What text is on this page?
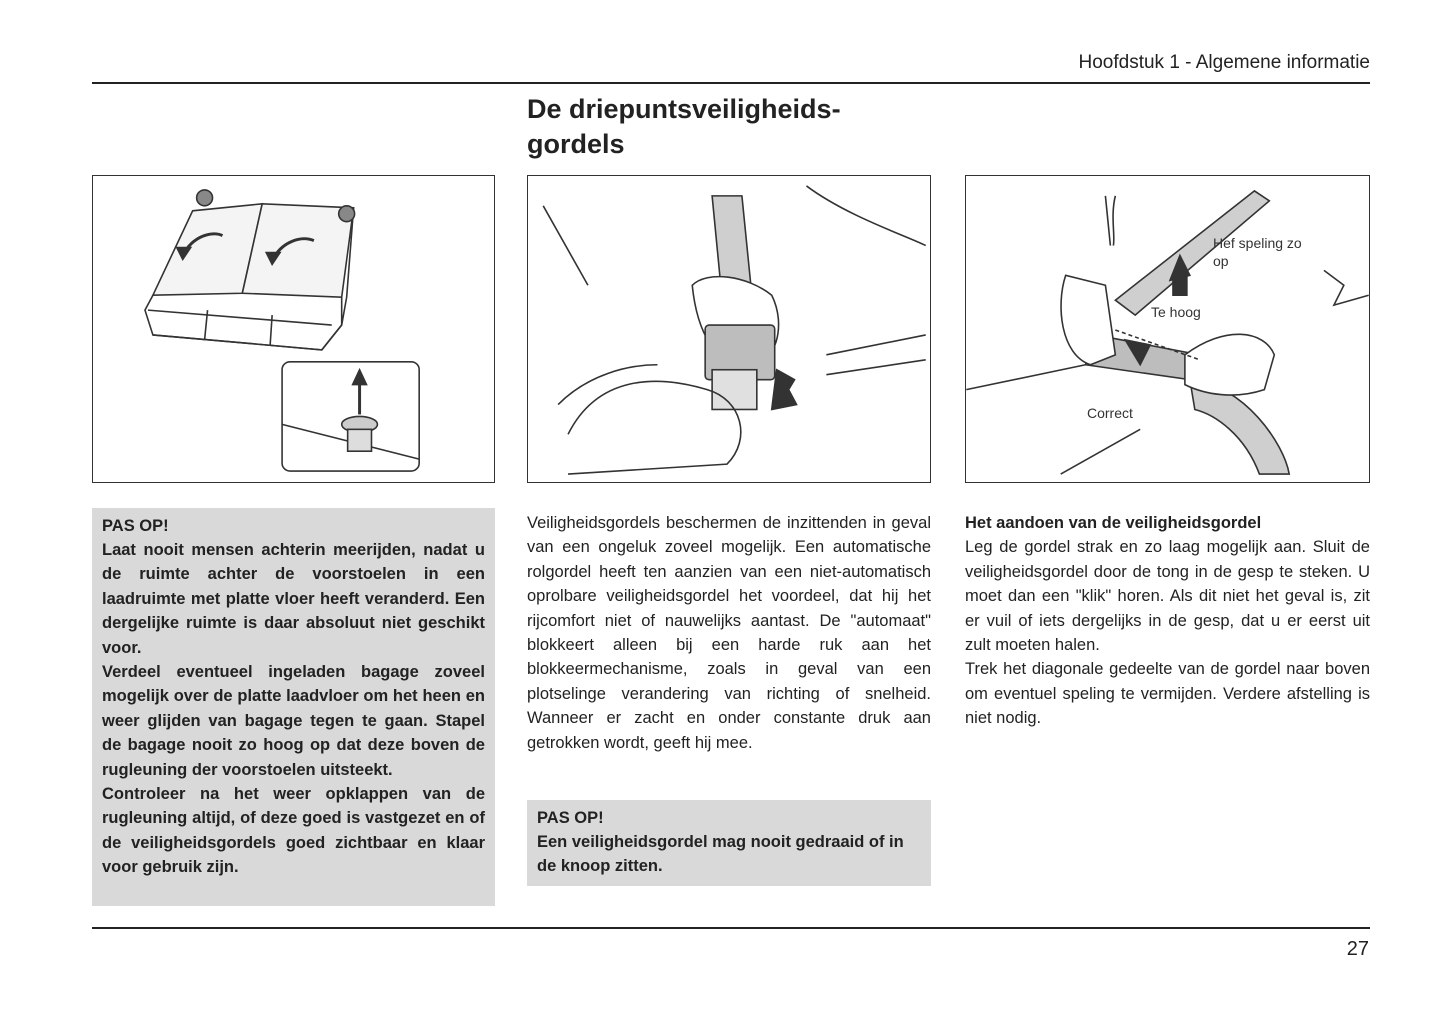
Hoofdstuk 1 - Algemene informatie
De driepuntsveiligheids-
gordels
Hef speling zo op
Te hoog
Correct
PAS OP!

Laat nooit mensen achterin meerijden, nadat u de ruimte achter de voorstoelen in een laadruimte met platte vloer heeft veranderd. Een dergelijke ruimte is daar absoluut niet geschikt voor.

Verdeel eventueel ingeladen bagage zoveel mogelijk over de platte laadvloer om het heen en weer glijden van bagage tegen te gaan. Stapel de bagage nooit zo hoog op dat deze boven de rugleuning der voorstoelen uitsteekt.

Controleer na het weer opklappen van de rugleuning altijd, of deze goed is vastgezet en of de veiligheidsgordels goed zichtbaar en klaar voor gebruik zijn.

Veiligheidsgordels beschermen de inzittenden in geval van een ongeluk zoveel mogelijk. Een automatische rolgordel heeft ten aanzien van een niet-automatisch oprolbare veiligheidsgordel het voordeel, dat hij het rijcomfort niet of nauwelijks aantast. De "automaat" blokkeert alleen bij een harde ruk aan het blokkeermechanisme, zoals in geval van een plotselinge verandering van richting of snelheid. Wanneer er zacht en onder constante druk aan getrokken wordt, geeft hij mee.

PAS OP!

Een veiligheidsgordel mag nooit gedraaid of in de knoop zitten.

Het aandoen van de veiligheidsgordel

Leg de gordel strak en zo laag mogelijk aan. Sluit de veiligheidsgordel door de tong in de gesp te steken. U moet dan een "klik" horen. Als dit niet het geval is, zit er vuil of iets dergelijks in de gesp, dat u er eerst uit zult moeten halen.

Trek het diagonale gedeelte van de gordel naar boven om eventuel speling te vermijden. Verdere afstelling is niet nodig.

27
